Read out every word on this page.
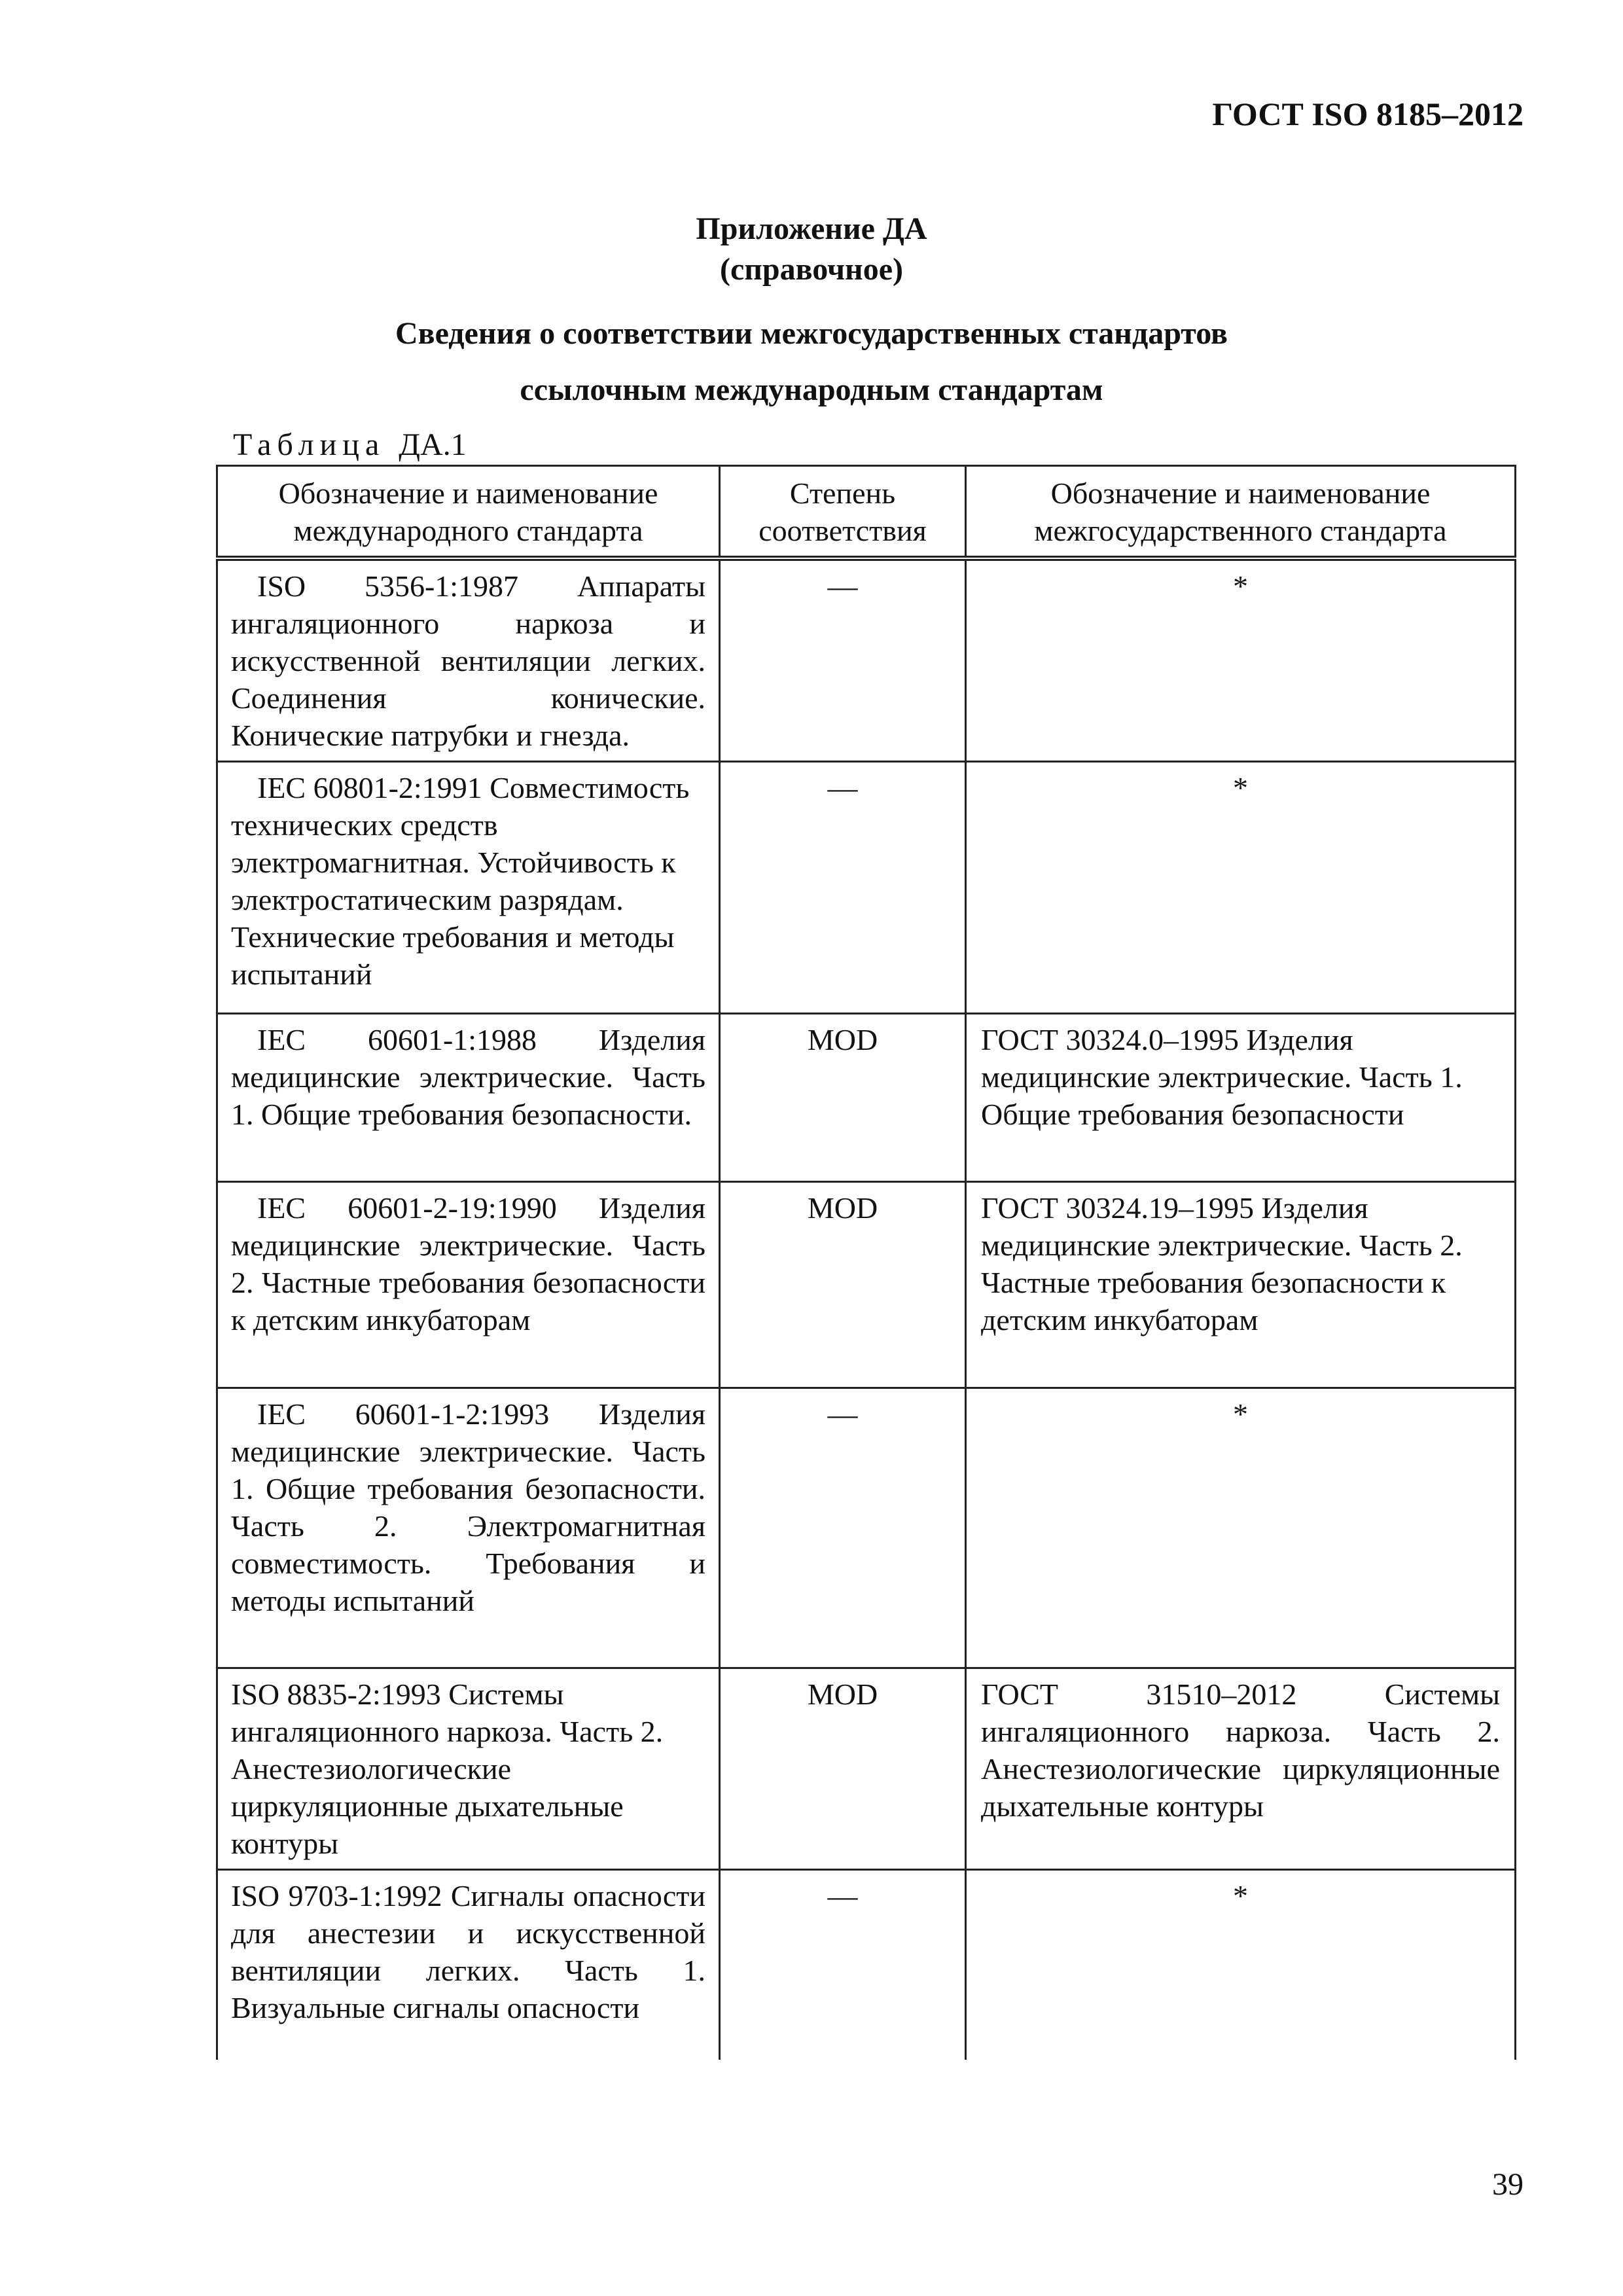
ГОСТ ISO 8185–2012
Приложение ДА
(справочное)
Сведения о соответствии межгосударственных стандартов
ссылочным международным стандартам
Таблица ДА.1
Обозначение и наименование международного стандарта	Степень соответствия	Обозначение и наименование межгосударственного стандарта
ISO 5356-1:1987 Аппараты ингаляционного наркоза и искусственной вентиляции легких. Соединения конические. Конические патрубки и гнезда.	—	*
IEC 60801-2:1991 Совместимость технических средств электромагнитная. Устойчивость к электростатическим разрядам. Технические требования и методы испытаний	—	*
IEC 60601-1:1988 Изделия медицинские электрические. Часть 1. Общие требования безопасности.	MOD	ГОСТ 30324.0–1995 Изделия медицинские электрические. Часть 1. Общие требования безопасности
IEC 60601-2-19:1990 Изделия медицинские электрические. Часть 2. Частные требования безопасности к детским инкубаторам	MOD	ГОСТ 30324.19–1995 Изделия медицинские электрические. Часть 2. Частные требования безопасности к детским инкубаторам
IEC 60601-1-2:1993 Изделия медицинские электрические. Часть 1. Общие требования безопасности. Часть 2. Электромагнитная совместимость. Требования и методы испытаний	—	*
ISO 8835-2:1993 Системы ингаляционного наркоза. Часть 2. Анестезиологические циркуляционные дыхательные контуры	MOD	ГОСТ 31510–2012 Системы ингаляционного наркоза. Часть 2. Анестезиологические циркуляционные дыхательные контуры
ISO 9703-1:1992 Сигналы опасности для анестезии и искусственной вентиляции легких. Часть 1. Визуальные сигналы опасности	—	*
39
